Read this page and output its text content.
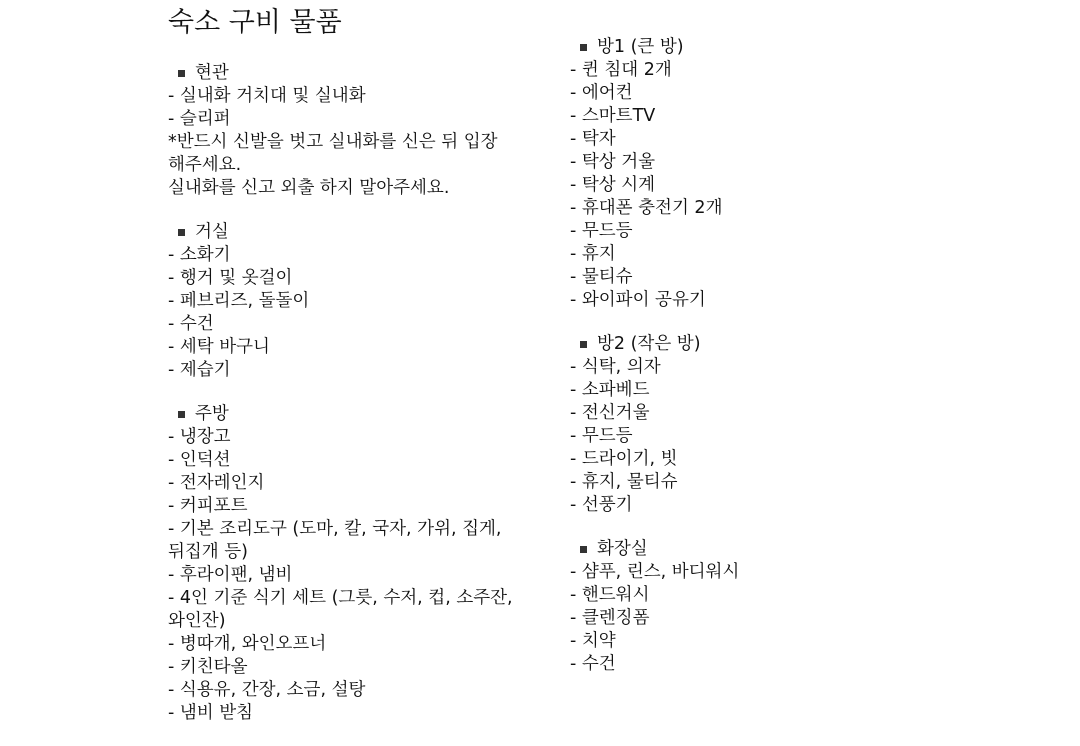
숙소 구비 물품
현관
- 실내화 거치대 및 실내화
- 슬리퍼
*반드시 신발을 벗고 실내화를 신은 뒤 입장
해주세요.
실내화를 신고 외출 하지 말아주세요.
거실
- 소화기
- 행거 및 옷걸이
- 페브리즈, 돌돌이
- 수건
- 세탁 바구니
- 제습기
주방
- 냉장고
- 인덕션
- 전자레인지
- 커피포트
- 기본 조리도구 (도마, 칼, 국자, 가위, 집게,
뒤집개 등)
- 후라이팬, 냄비
- 4인 기준 식기 세트 (그릇, 수저, 컵, 소주잔,
와인잔)
- 병따개, 와인오프너
- 키친타올
- 식용유, 간장, 소금, 설탕
- 냄비 받침
방1 (큰 방)
- 퀸 침대 2개
- 에어컨
- 스마트TV
- 탁자
- 탁상 거울
- 탁상 시계
- 휴대폰 충전기 2개
- 무드등
- 휴지
- 물티슈
- 와이파이 공유기
방2 (작은 방)
- 식탁, 의자
- 소파베드
- 전신거울
- 무드등
- 드라이기, 빗
- 휴지, 물티슈
- 선풍기
화장실
- 샴푸, 린스, 바디워시
- 핸드워시
- 클렌징폼
- 치약
- 수건
